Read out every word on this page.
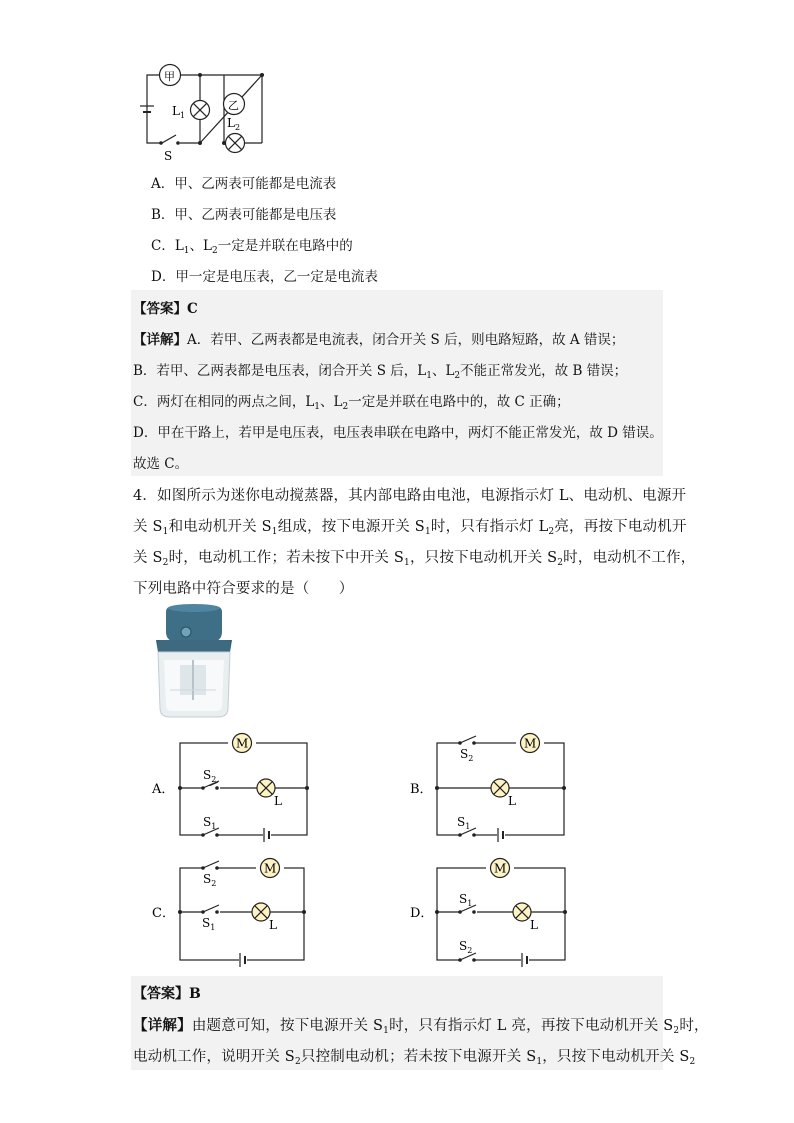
甲
乙
$L_1$
$L_2$
S
A．甲、乙两表可能都是电流表
B．甲、乙两表可能都是电压表
C．$L_1$、$L_2$一定是并联在电路中的
D．甲一定是电压表，乙一定是电流表
【答案】C
【详解】A．若甲、乙两表都是电流表，闭合开关 S 后，则电路短路，故 A 错误；
B．若甲、乙两表都是电压表，闭合开关 S 后，$L_1$、$L_2$不能正常发光，故 B 错误；
C．两灯在相同的两点之间，$L_1$、$L_2$一定是并联在电路中的，故 C 正确；
D．甲在干路上，若甲是电压表，电压表串联在电路中，两灯不能正常发光，故 D 错误。
故选 C。
4．如图所示为迷你电动搅蒸器，其内部电路由电池，电源指示灯 L、电动机、电源开
关 $S_1$和电动机开关 $S_1$组成，按下电源开关 $S_1$时，只有指示灯 $L_2$亮，再按下电动机开
关 $S_2$时，电动机工作；若未按下中开关 $S_1$，只按下电动机开关 $S_2$时，电动机不工作，
下列电路中符合要求的是（　　）
M
$S_2$
L
$S_1$
$S_2$
M
L
$S_1$
$S_2$
M
$S_1$	L
M
$S_1$
L
$S_2$
A．	B．
C．	D．
【答案】B
【详解】由题意可知，按下电源开关 $S_1$时，只有指示灯 L 亮，再按下电动机开关 $S_2$时，
电动机工作，说明开关 $S_2$只控制电动机；若未按下电源开关 $S_1$，只按下电动机开关 $S_2$
